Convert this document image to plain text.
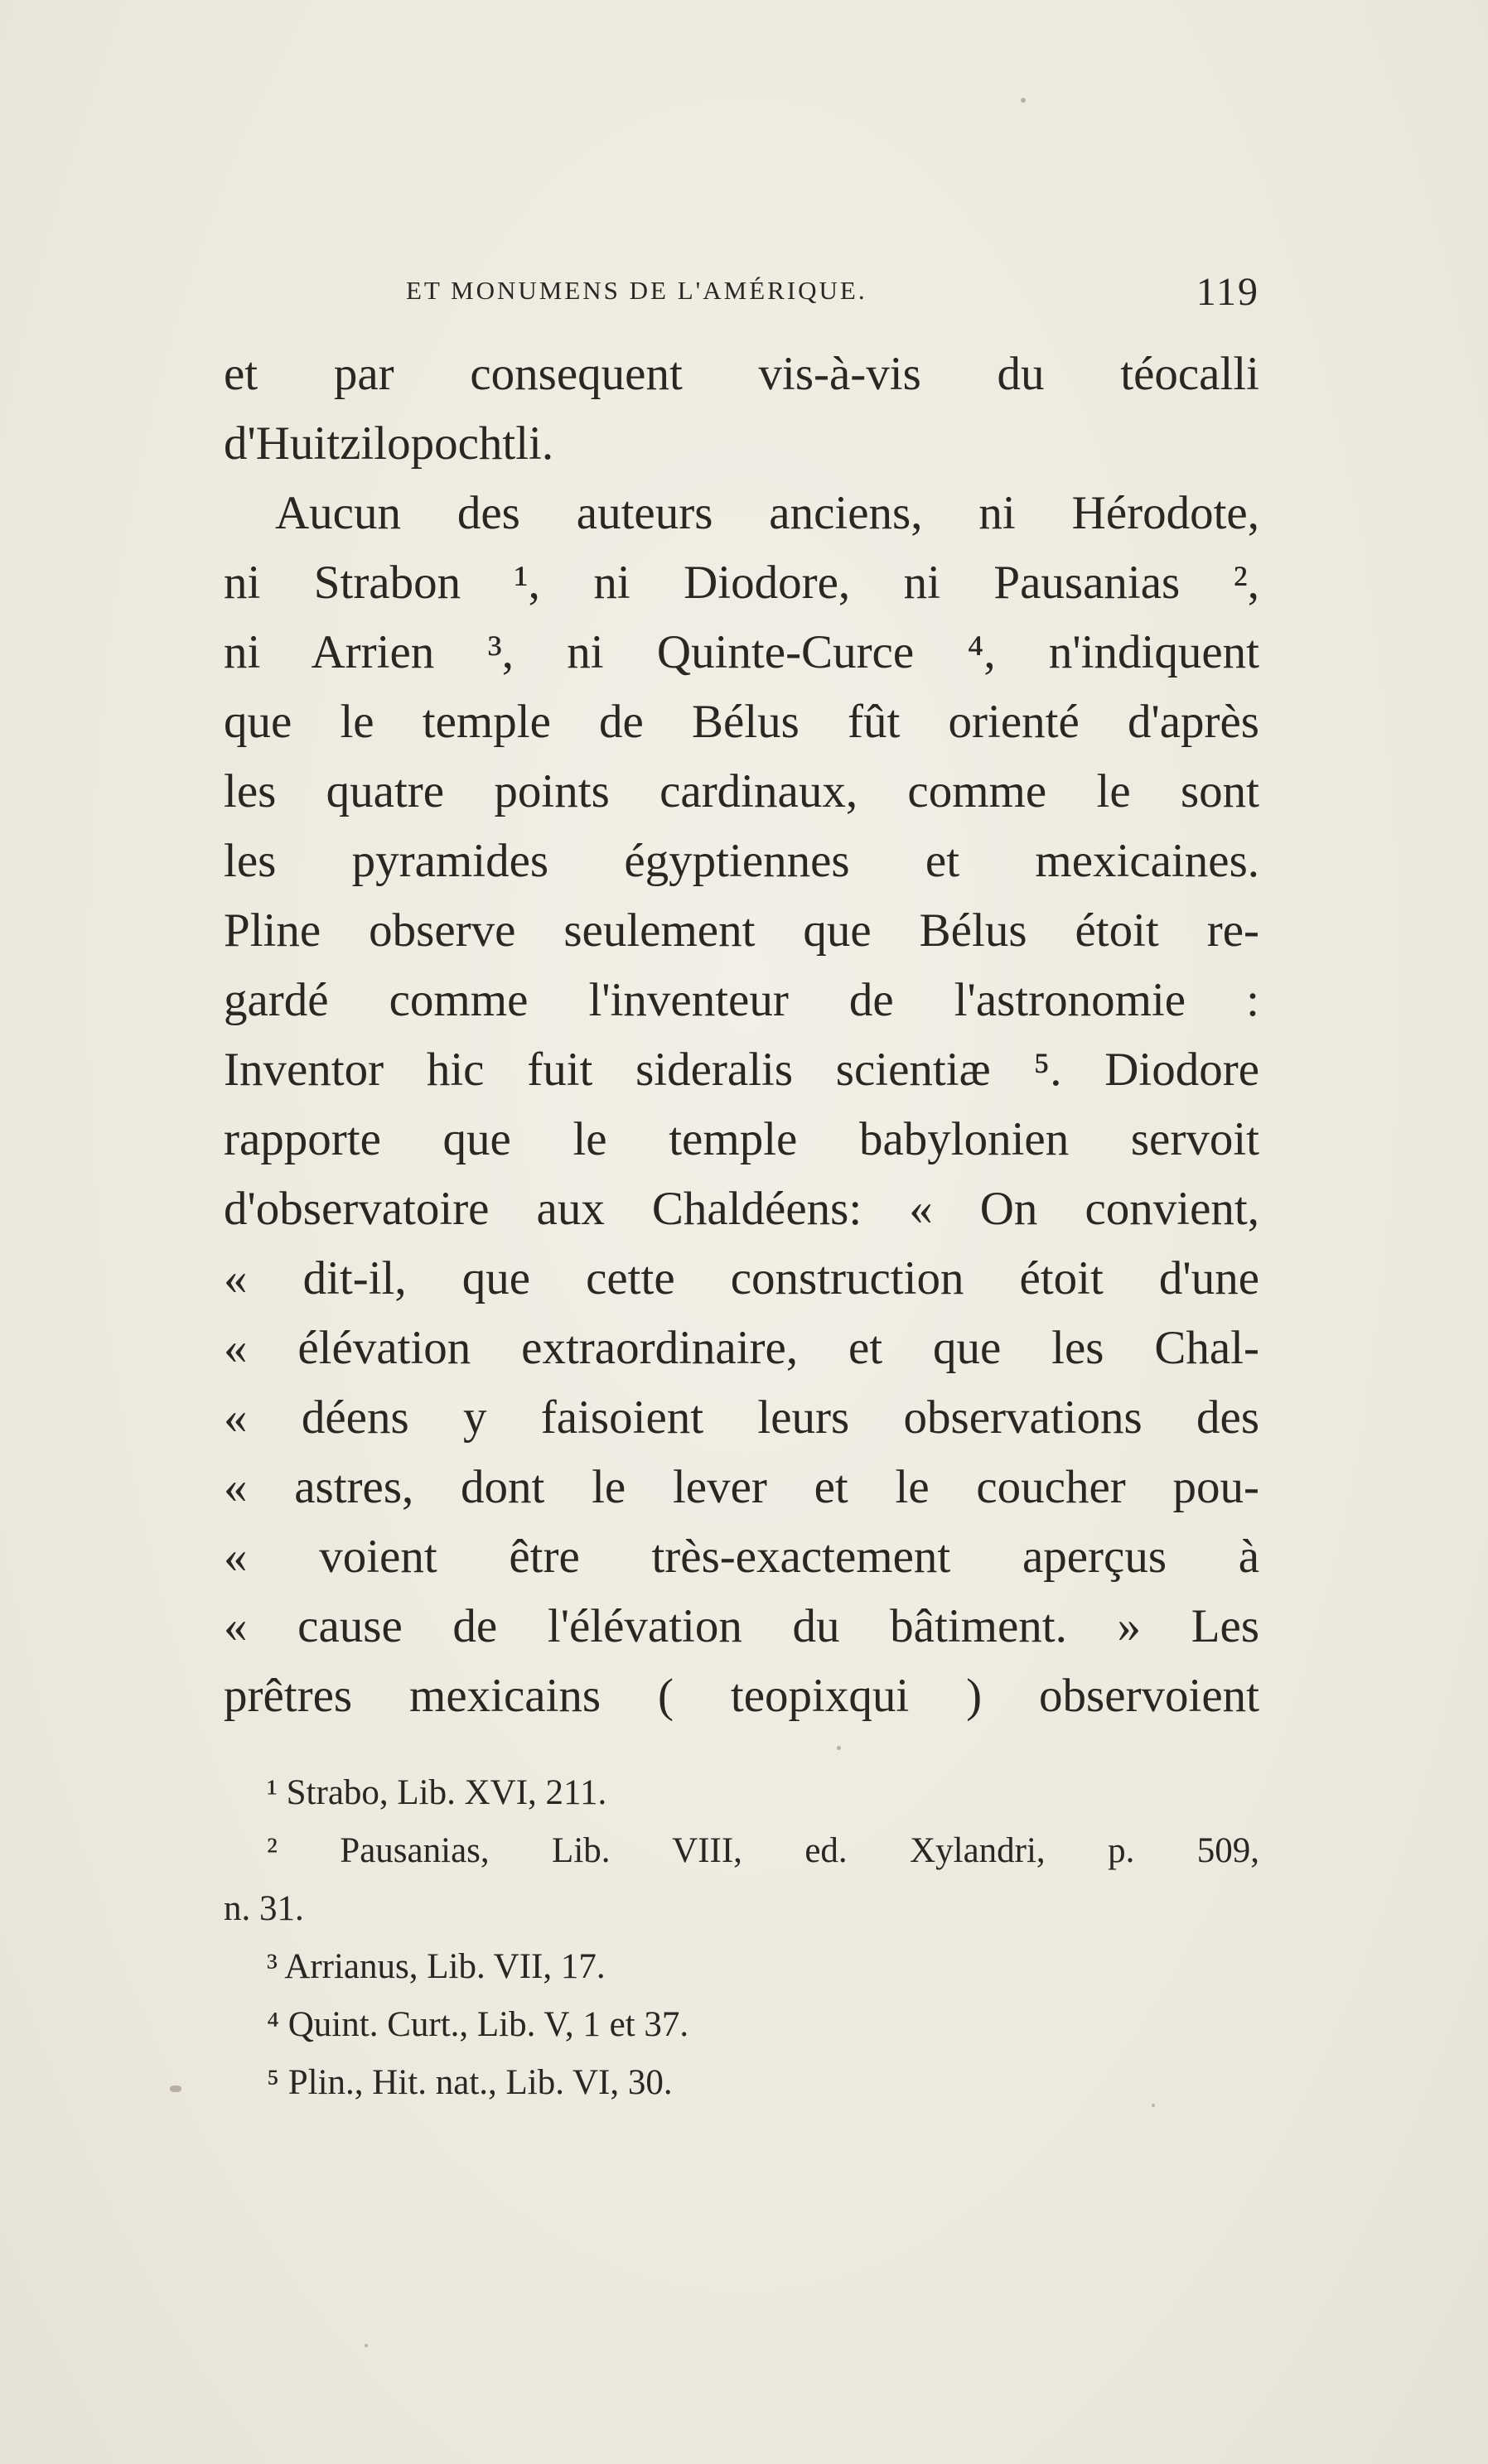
ET MONUMENS DE L'AMÉRIQUE.	119
et par consequent vis-à-vis du téocalli
d'Huitzilopochtli.
Aucun des auteurs anciens, ni Hérodote,
ni Strabon ¹, ni Diodore, ni Pausanias ²,
ni Arrien ³, ni Quinte-Curce ⁴, n'indiquent
que le temple de Bélus fût orienté d'après
les quatre points cardinaux, comme le sont
les pyramides égyptiennes et mexicaines.
Pline observe seulement que Bélus étoit re-
gardé comme l'inventeur de l'astronomie :
Inventor hic fuit sideralis scientiæ ⁵. Diodore
rapporte que le temple babylonien servoit
d'observatoire aux Chaldéens: « On convient,
« dit-il, que cette construction étoit d'une
« élévation extraordinaire, et que les Chal-
« déens y faisoient leurs observations des
« astres, dont le lever et le coucher pou-
« voient être très-exactement aperçus à
« cause de l'élévation du bâtiment. » Les
prêtres mexicains ( teopixqui ) observoient
¹ Strabo, Lib. XVI, 211.
² Pausanias, Lib. VIII, ed. Xylandri, p. 509,
n. 31.
³ Arrianus, Lib. VII, 17.
⁴ Quint. Curt., Lib. V, 1 et 37.
⁵ Plin., Hit. nat., Lib. VI, 30.
